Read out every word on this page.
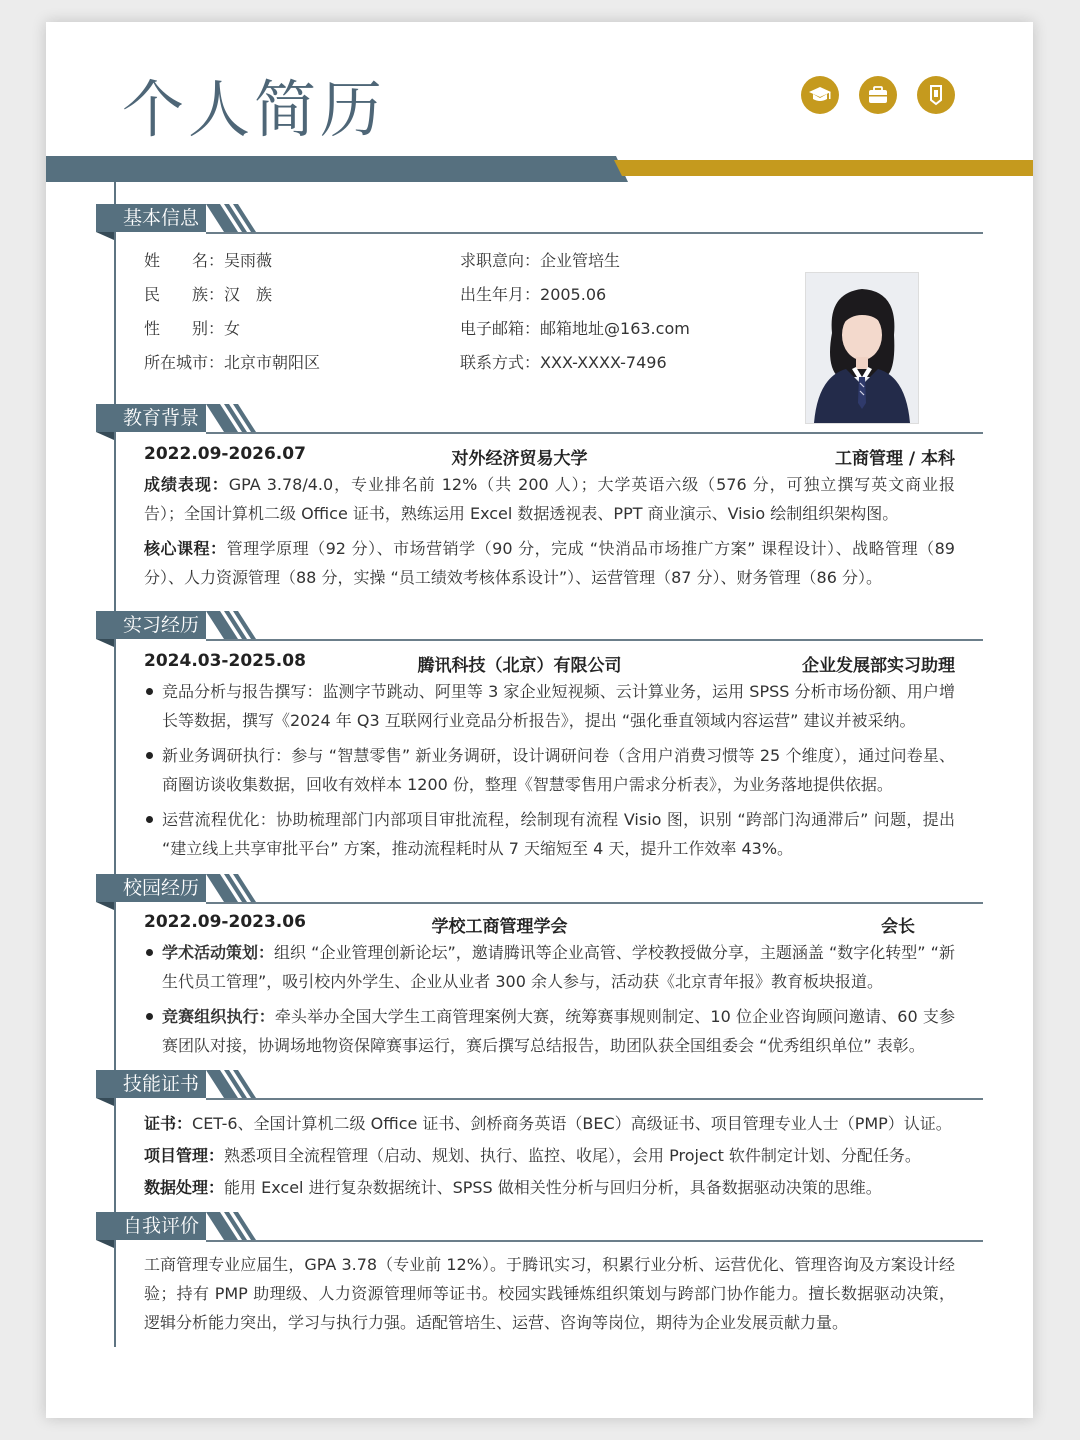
个人简历
基本信息
姓　　名：吴雨薇	求职意向：企业管培生
民　　族：汉　族	出生年月：2005.06
性　　别：女	电子邮箱：邮箱地址@163.com
所在城市：北京市朝阳区	联系方式：XXX-XXXX-7496
教育背景
2022.09-2026.07	对外经济贸易大学	工商管理 / 本科

成绩表现：GPA 3.78/4.0，专业排名前 12%（共 200 人）；大学英语六级（576 分，可独立撰写英文商业报告）；全国计算机二级 Office 证书，熟练运用 Excel 数据透视表、PPT 商业演示、Visio 绘制组织架构图。

核心课程：管理学原理（92 分）、市场营销学（90 分，完成 “快消品市场推广方案” 课程设计）、战略管理（89 分）、人力资源管理（88 分，实操 “员工绩效考核体系设计”）、运营管理（87 分）、财务管理（86 分）。

实习经历
2024.03-2025.08	腾讯科技（北京）有限公司	企业发展部实习助理
竞品分析与报告撰写：监测字节跳动、阿里等 3 家企业短视频、云计算业务，运用 SPSS 分析市场份额、用户增长等数据，撰写《2024 年 Q3 互联网行业竞品分析报告》，提出 “强化垂直领域内容运营” 建议并被采纳。
新业务调研执行：参与 “智慧零售” 新业务调研，设计调研问卷（含用户消费习惯等 25 个维度），通过问卷星、商圈访谈收集数据，回收有效样本 1200 份，整理《智慧零售用户需求分析表》，为业务落地提供依据。
运营流程优化：协助梳理部门内部项目审批流程，绘制现有流程 Visio 图，识别 “跨部门沟通滞后” 问题，提出 “建立线上共享审批平台” 方案，推动流程耗时从 7 天缩短至 4 天，提升工作效率 43%。
校园经历
2022.09-2023.06	学校工商管理学会	会长
学术活动策划：组织 “企业管理创新论坛”，邀请腾讯等企业高管、学校教授做分享，主题涵盖 “数字化转型” “新生代员工管理”，吸引校内外学生、企业从业者 300 余人参与，活动获《北京青年报》教育板块报道。
竞赛组织执行：牵头举办全国大学生工商管理案例大赛，统筹赛事规则制定、10 位企业咨询顾问邀请、60 支参赛团队对接，协调场地物资保障赛事运行，赛后撰写总结报告，助团队获全国组委会 “优秀组织单位” 表彰。
技能证书

证书：CET-6、全国计算机二级 Office 证书、剑桥商务英语（BEC）高级证书、项目管理专业人士（PMP）认证。

项目管理：熟悉项目全流程管理（启动、规划、执行、监控、收尾），会用 Project 软件制定计划、分配任务。

数据处理：能用 Excel 进行复杂数据统计、SPSS 做相关性分析与回归分析，具备数据驱动决策的思维。

自我评价

工商管理专业应届生，GPA 3.78（专业前 12%）。于腾讯实习，积累行业分析、运营优化、管理咨询及方案设计经验；持有 PMP 助理级、人力资源管理师等证书。校园实践锤炼组织策划与跨部门协作能力。擅长数据驱动决策，逻辑分析能力突出，学习与执行力强。适配管培生、运营、咨询等岗位，期待为企业发展贡献力量。
